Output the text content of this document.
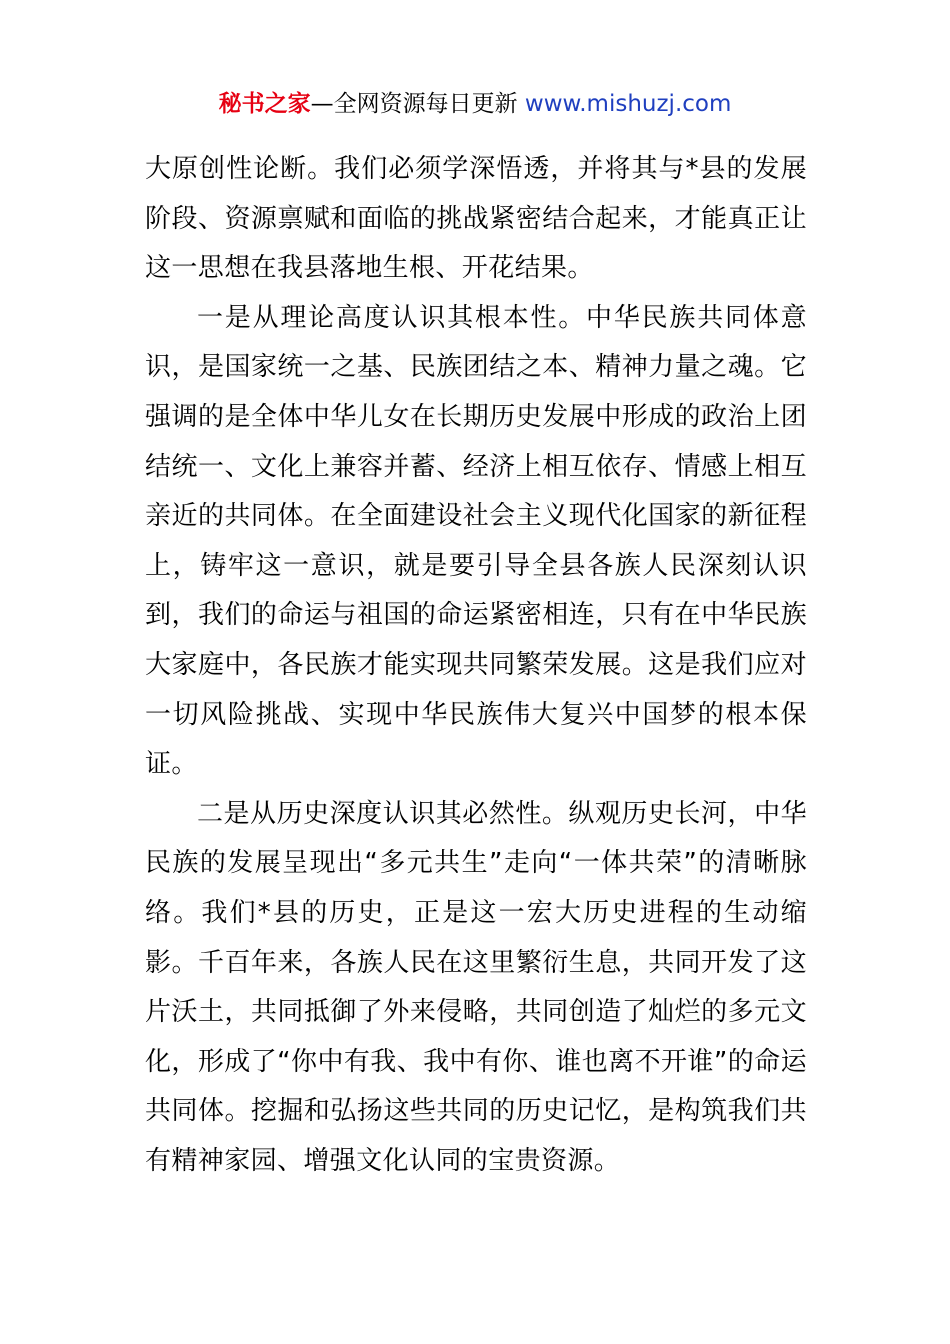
秘书之家—全网资源每日更新 www.mishuzj.com

大原创性论断。我们必须学深悟透，并将其与*县的发展阶段、资源禀赋和面临的挑战紧密结合起来，才能真正让这一思想在我县落地生根、开花结果。

一是从理论高度认识其根本性。中华民族共同体意识，是国家统一之基、民族团结之本、精神力量之魂。它强调的是全体中华儿女在长期历史发展中形成的政治上团结统一、文化上兼容并蓄、经济上相互依存、情感上相互亲近的共同体。在全面建设社会主义现代化国家的新征程上，铸牢这一意识，就是要引导全县各族人民深刻认识到，我们的命运与祖国的命运紧密相连，只有在中华民族大家庭中，各民族才能实现共同繁荣发展。这是我们应对一切风险挑战、实现中华民族伟大复兴中国梦的根本保证。

二是从历史深度认识其必然性。纵观历史长河，中华民族的发展呈现出“多元共生”走向“一体共荣”的清晰脉络。我们*县的历史，正是这一宏大历史进程的生动缩影。千百年来，各族人民在这里繁衍生息，共同开发了这片沃土，共同抵御了外来侵略，共同创造了灿烂的多元文化，形成了“你中有我、我中有你、谁也离不开谁”的命运共同体。挖掘和弘扬这些共同的历史记忆，是构筑我们共有精神家园、增强文化认同的宝贵资源。
